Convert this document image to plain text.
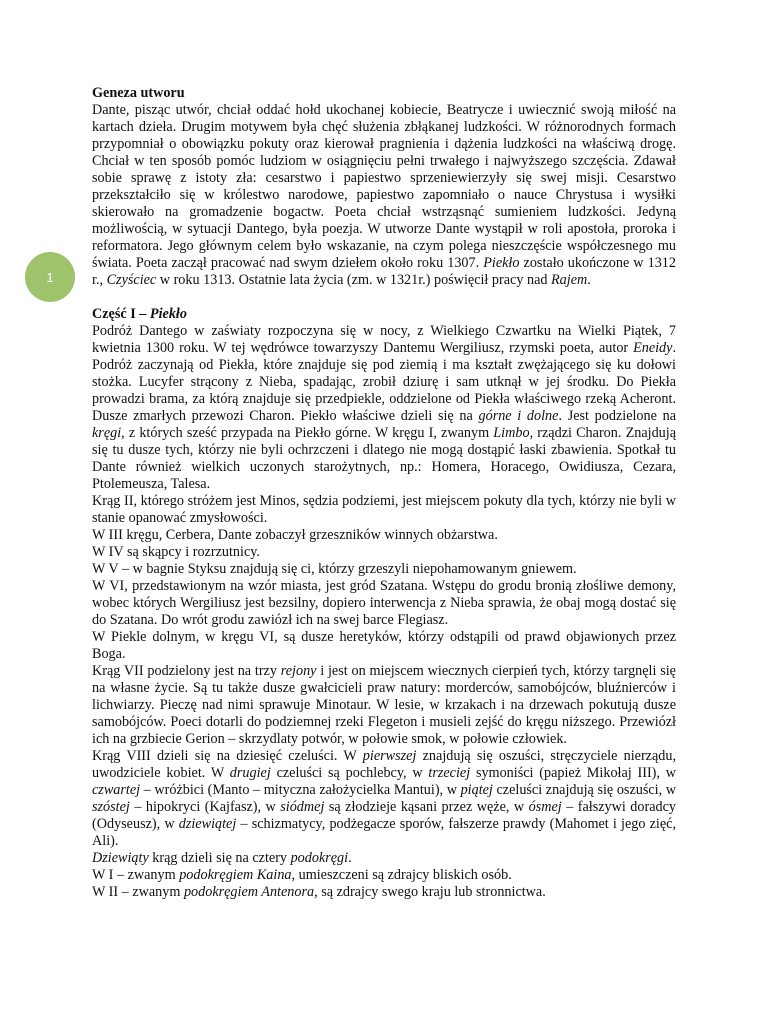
1
Geneza utworu

Dante, pisząc utwór, chciał oddać hołd ukochanej kobiecie, Beatrycze i uwiecznić swoją miłość na kartach dzieła. Drugim motywem była chęć służenia zbłąkanej ludzkości. W różnorodnych formach przypomniał o obowiązku pokuty oraz kierował pragnienia i dążenia ludzkości na właściwą drogę. Chciał w ten sposób pomóc ludziom w osiągnięciu pełni trwałego i najwyższego szczęścia. Zdawał sobie sprawę z istoty zła: cesarstwo i papiestwo sprzeniewierzyły się swej misji. Cesarstwo przekształciło się w królestwo narodowe, papiestwo zapomniało o nauce Chrystusa i wysiłki skierowało na gromadzenie bogactw. Poeta chciał wstrząsnąć sumieniem ludzkości. Jedyną możliwością, w sytuacji Dantego, była poezja. W utworze Dante wystąpił w roli apostoła, proroka i reformatora. Jego głównym celem było wskazanie, na czym polega nieszczęście współczesnego mu świata. Poeta zaczął pracować nad swym dziełem około roku 1307. Piekło zostało ukończone w 1312 r., Czyściec w roku 1313. Ostatnie lata życia (zm. w 1321r.) poświęcił pracy nad Rajem.

Część I – Piekło

Podróż Dantego w zaświaty rozpoczyna się w nocy, z Wielkiego Czwartku na Wielki Piątek, 7 kwietnia 1300 roku. W tej wędrówce towarzyszy Dantemu Wergiliusz, rzymski poeta, autor Eneidy. Podróż zaczynają od Piekła, które znajduje się pod ziemią i ma kształt zwężającego się ku dołowi stożka. Lucyfer strącony z Nieba, spadając, zrobił dziurę i sam utknął w jej środku. Do Piekła prowadzi brama, za którą znajduje się przedpiekle, oddzielone od Piekła właściwego rzeką Acheront. Dusze zmarłych przewozi Charon. Piekło właściwe dzieli się na górne i dolne. Jest podzielone na kręgi, z których sześć przypada na Piekło górne. W kręgu I, zwanym Limbo, rządzi Charon. Znajdują się tu dusze tych, którzy nie byli ochrzczeni i dlatego nie mogą dostąpić łaski zbawienia. Spotkał tu Dante również wielkich uczonych starożytnych, np.: Homera, Horacego, Owidiusza, Cezara, Ptolemeusza, Talesa.

Krąg II, którego stróżem jest Minos, sędzia podziemi, jest miejscem pokuty dla tych, którzy nie byli w stanie opanować zmysłowości.

W III kręgu, Cerbera, Dante zobaczył grzeszników winnych obżarstwa.

W IV są skąpcy i rozrzutnicy.

W V – w bagnie Styksu znajdują się ci, którzy grzeszyli niepohamowanym gniewem.

W VI, przedstawionym na wzór miasta, jest gród Szatana. Wstępu do grodu bronią złośliwe demony, wobec których Wergiliusz jest bezsilny, dopiero interwencja z Nieba sprawia, że obaj mogą dostać się do Szatana. Do wrót grodu zawiózł ich na swej barce Flegiasz.

W Piekle dolnym, w kręgu VI, są dusze heretyków, którzy odstąpili od prawd objawionych przez Boga.

Krąg VII podzielony jest na trzy rejony i jest on miejscem wiecznych cierpień tych, którzy targnęli się na własne życie. Są tu także dusze gwałcicieli praw natury: morderców, samobójców, bluźnierców i lichwiarzy. Pieczę nad nimi sprawuje Minotaur. W lesie, w krzakach i na drzewach pokutują dusze samobójców. Poeci dotarli do podziemnej rzeki Flegeton i musieli zejść do kręgu niższego. Przewiózł ich na grzbiecie Gerion – skrzydlaty potwór, w połowie smok, w połowie człowiek.

Krąg VIII dzieli się na dziesięć czeluści. W pierwszej znajdują się oszuści, stręczyciele nierządu, uwodziciele kobiet. W drugiej czeluści są pochlebcy, w trzeciej symoniści (papież Mikołaj III), w czwartej – wróżbici (Manto – mityczna założycielka Mantui), w piątej czeluści znajdują się oszuści, w szóstej – hipokryci (Kajfasz), w siódmej są złodzieje kąsani przez węże, w ósmej – fałszywi doradcy (Odyseusz), w dziewiątej – schizmatycy, podżegacze sporów, fałszerze prawdy (Mahomet i jego zięć, Ali).

Dziewiąty krąg dzieli się na cztery podokręgi.

W I – zwanym podokręgiem Kaina, umieszczeni są zdrajcy bliskich osób.

W II – zwanym podokręgiem Antenora, są zdrajcy swego kraju lub stronnictwa.
